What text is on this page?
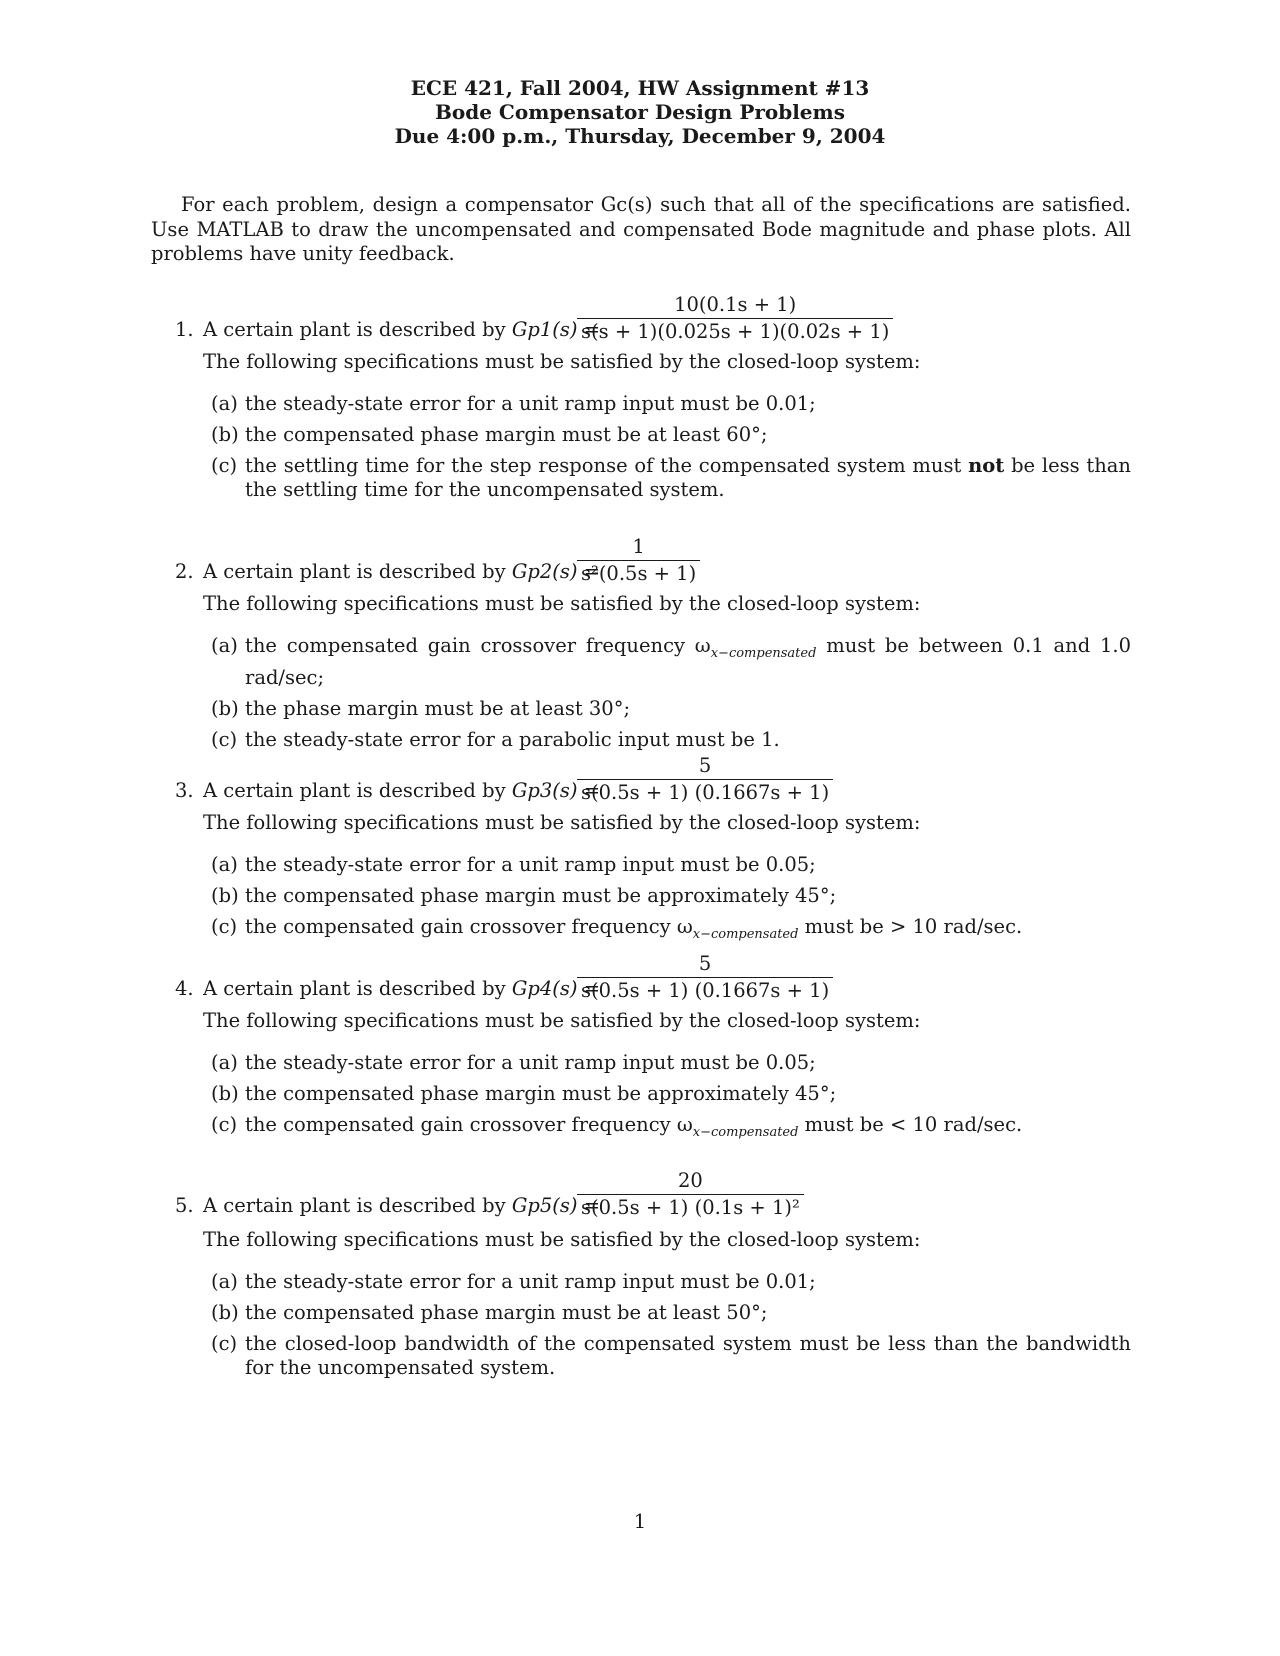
ECE 421, Fall 2004, HW Assignment #13
Bode Compensator Design Problems
Due 4:00 p.m., Thursday, December 9, 2004
For each problem, design a compensator Gc(s) such that all of the specifications are satisfied. Use MATLAB to draw the uncompensated and compensated Bode magnitude and phase plots. All problems have unity feedback.
1. A certain plant is described by Gp1(s) =
$\frac{10(0.1s + 1)}{s(s + 1)(0.025s + 1)(0.02s + 1)}$
The following specifications must be satisfied by the closed-loop system:
(a) the steady-state error for a unit ramp input must be 0.01;
(b) the compensated phase margin must be at least 60°;
(c) the settling time for the step response of the compensated system must not be less than the settling time for the uncompensated system.
2. A certain plant is described by Gp2(s) =
$\frac{1}{\text{s²(0.5s + 1)}}$
The following specifications must be satisfied by the closed-loop system:
(a) the compensated gain crossover frequency $\omega_{x-compensated}$ must be between 0.1 and 1.0 rad/sec;
(b) the phase margin must be at least 30°;
(c) the steady-state error for a parabolic input must be 1.
3. A certain plant is described by Gp3(s) =
$\frac{5}{s(0.5s + 1) (0.1667s + 1)}$
The following specifications must be satisfied by the closed-loop system:
(a) the steady-state error for a unit ramp input must be 0.05;
(b) the compensated phase margin must be approximately 45°;
(c) the compensated gain crossover frequency $\omega_{x-compensated}$ must be > 10 rad/sec.
4. A certain plant is described by Gp4(s) =
$\frac{5}{s(0.5s + 1) (0.1667s + 1)}$
The following specifications must be satisfied by the closed-loop system:
(a) the steady-state error for a unit ramp input must be 0.05;
(b) the compensated phase margin must be approximately 45°;
(c) the compensated gain crossover frequency $\omega_{x-compensated}$ must be < 10 rad/sec.
5. A certain plant is described by Gp5(s) =
$\frac{20}{\text{s(0.5s + 1) (0.1s + 1)²}}$
The following specifications must be satisfied by the closed-loop system:
(a) the steady-state error for a unit ramp input must be 0.01;
(b) the compensated phase margin must be at least 50°;
(c) the closed-loop bandwidth of the compensated system must be less than the bandwidth for the uncompensated system.
1
